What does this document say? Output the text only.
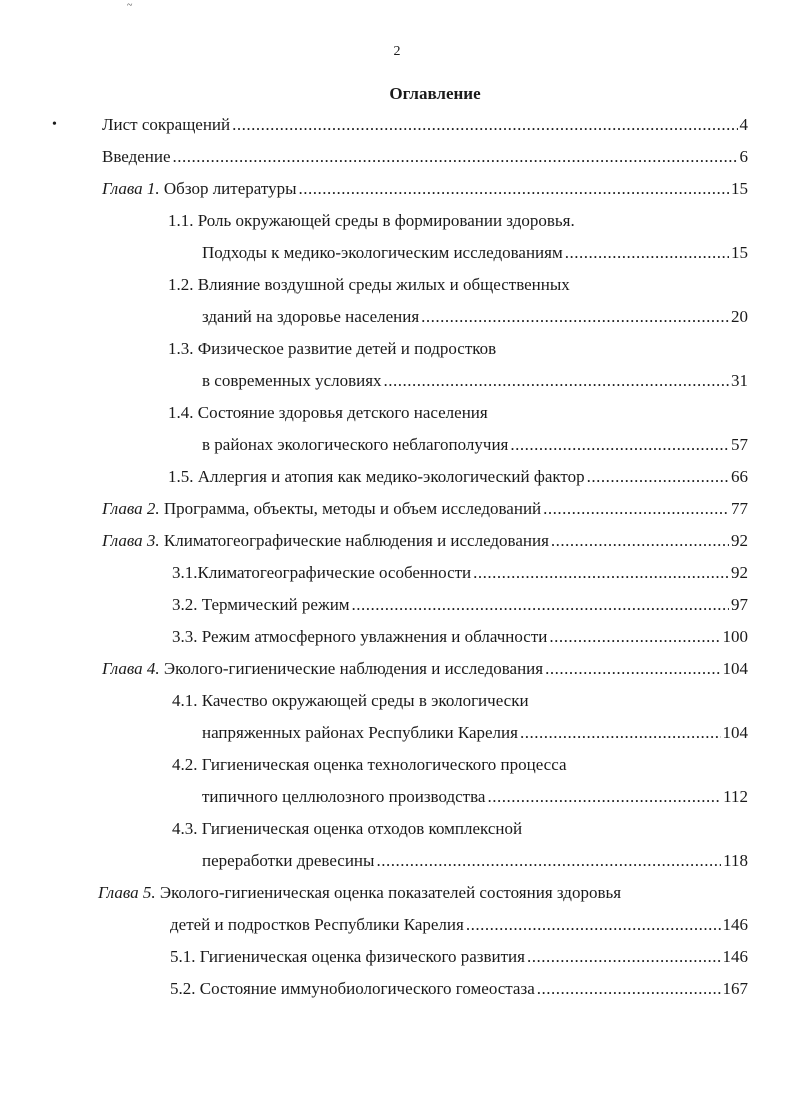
~
2
Оглавление
•	Лист сокращений .....	4
Введение .....	6
Глава 1. Обзор литературы .....	15
1.1. Роль окружающей среды в формировании здоровья.
Подходы к медико-экологическим исследованиям .....	15
1.2. Влияние воздушной среды жилых и общественных
зданий на здоровье населения .....	20
1.3. Физическое развитие детей и подростков
в современных условиях .....	31
1.4. Состояние здоровья детского населения
в районах экологического неблагополучия .....	57
1.5. Аллергия и атопия как медико-экологический фактор .....	66
Глава 2. Программа, объекты, методы и объем исследований .....	77
Глава 3. Климатогеографические наблюдения и исследования .....	92
3.1.Климатогеографические особенности .....	92
3.2. Термический режим .....	97
3.3. Режим атмосферного увлажнения и облачности .....	100
Глава 4. Эколого-гигиенические наблюдения и исследования .....	104
4.1. Качество окружающей среды в экологически
напряженных районах Республики Карелия .....	104
4.2. Гигиеническая оценка технологического процесса
типичного целлюлозного производства .....	112
4.3. Гигиеническая оценка отходов комплексной
переработки древесины .....	118
Глава 5. Эколого-гигиеническая оценка показателей состояния здоровья
детей и подростков Республики Карелия .....	146
5.1. Гигиеническая оценка физического развития .....	146
5.2. Состояние иммунобиологического гомеостаза .....	167
